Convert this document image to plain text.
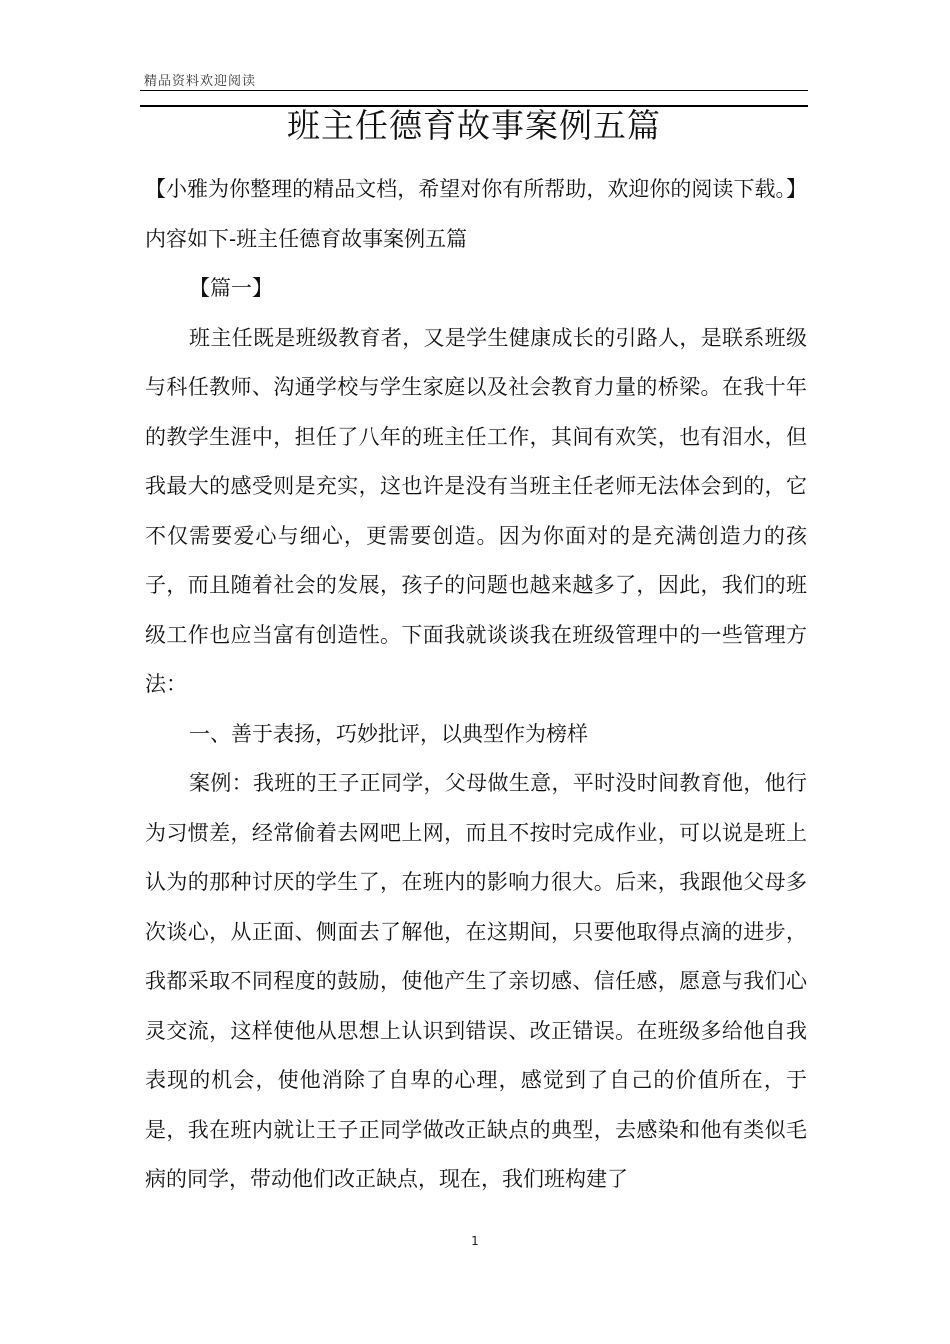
精品资料欢迎阅读
班主任德育故事案例五篇

【小雅为你整理的精品文档，希望对你有所帮助，欢迎你的阅读下载。】内容如下-班主任德育故事案例五篇

【篇一】

班主任既是班级教育者，又是学生健康成长的引路人，是联系班级与科任教师、沟通学校与学生家庭以及社会教育力量的桥梁。在我十年的教学生涯中，担任了八年的班主任工作，其间有欢笑，也有泪水，但我最大的感受则是充实，这也许是没有当班主任老师无法体会到的，它不仅需要爱心与细心，更需要创造。因为你面对的是充满创造力的孩子，而且随着社会的发展，孩子的问题也越来越多了，因此，我们的班级工作也应当富有创造性。下面我就谈谈我在班级管理中的一些管理方法：

一、善于表扬，巧妙批评，以典型作为榜样

案例：我班的王子正同学，父母做生意，平时没时间教育他，他行为习惯差，经常偷着去网吧上网，而且不按时完成作业，可以说是班上认为的那种讨厌的学生了，在班内的影响力很大。后来，我跟他父母多次谈心，从正面、侧面去了解他，在这期间，只要他取得点滴的进步，我都采取不同程度的鼓励，使他产生了亲切感、信任感，愿意与我们心灵交流，这样使他从思想上认识到错误、改正错误。在班级多给他自我表现的机会，使他消除了自卑的心理，感觉到了自己的价值所在，于是，我在班内就让王子正同学做改正缺点的典型，去感染和他有类似毛病的同学，带动他们改正缺点，现在，我们班构建了

1
